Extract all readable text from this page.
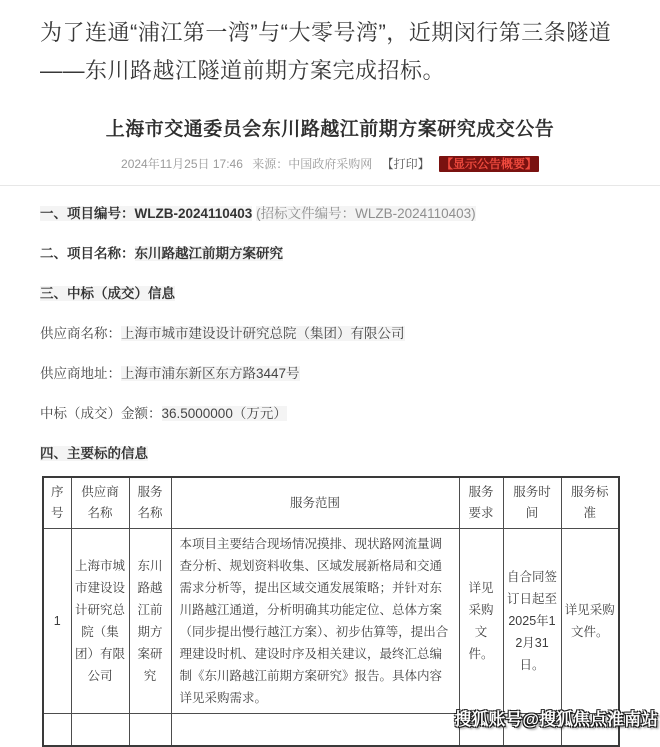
为了连通“浦江第一湾”与“大零号湾”，近期闵行第三条隧道——东川路越江隧道前期方案完成招标。
上海市交通委员会东川路越江前期方案研究成交公告
2024年11月25日 17:46 来源：中国政府采购网 【打印】 【显示公告概要】
一、项目编号：WLZB-2024110403 (招标文件编号：WLZB-2024110403)
二、项目名称：东川路越江前期方案研究
三、中标（成交）信息
供应商名称：上海市城市建设设计研究总院（集团）有限公司
供应商地址：上海市浦东新区东方路3447号
中标（成交）金额：36.5000000（万元）
四、主要标的信息
序号	供应商名称	服务名称	服务范围	服务要求	服务时间	服务标准
1	上海市城市建设设计研究总院（集团）有限公司	东川路越江前期方案研究	本项目主要结合现场情况摸排、现状路网流量调查分析、规划资料收集、区域发展新格局和交通需求分析等，提出区域交通发展策略；并针对东川路越江通道，分析明确其功能定位、总体方案（同步提出慢行越江方案）、初步估算等，提出合理建设时机、建设时序及相关建议，最终汇总编制《东川路越江前期方案研究》报告。具体内容详见采购需求。	详见采购文件。	自合同签订日起至2025年12月31日。	详见采购文件。

搜狐账号@搜狐焦点淮南站
